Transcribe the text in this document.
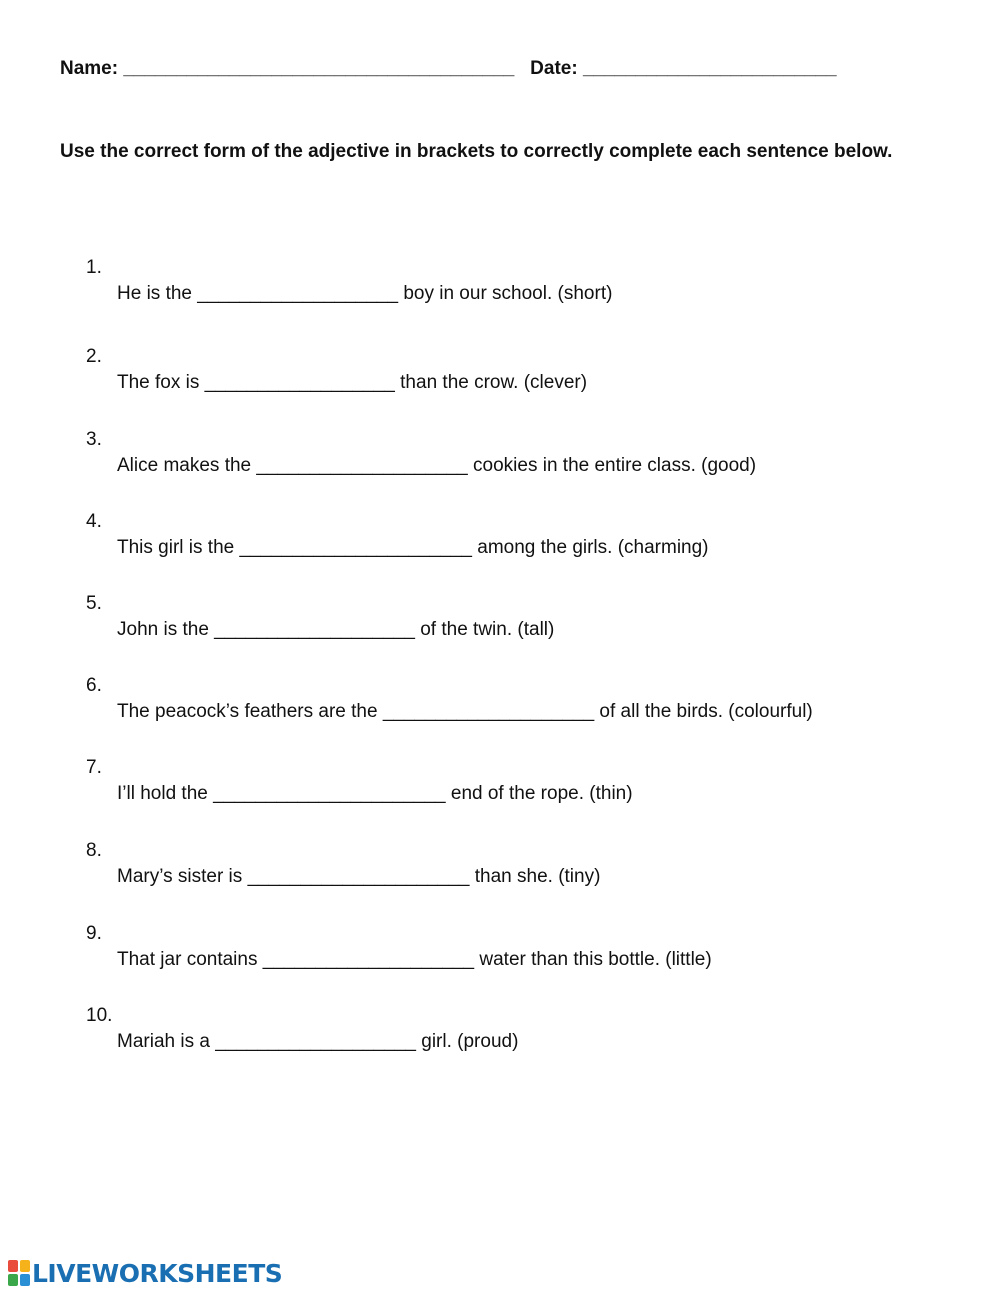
Name: _____________________________________   Date: ________________________
Use the correct form of the adjective in brackets to correctly complete each sentence below.

1.

He is the ___________________ boy in our school. (short)

2.

The fox is __________________ than the crow. (clever)

3.

Alice makes the ____________________ cookies in the entire class. (good)

4.

This girl is the ______________________ among the girls. (charming)

5.

John is the ___________________ of the twin. (tall)

6.

The peacock’s feathers are the ____________________ of all the birds. (colourful)

7.

I’ll hold the ______________________ end of the rope. (thin)

8.

Mary’s sister is _____________________ than she. (tiny)

9.

That jar contains ____________________ water than this bottle. (little)

10.

Mariah is a ___________________ girl. (proud)

LIVEWORKSHEETS
